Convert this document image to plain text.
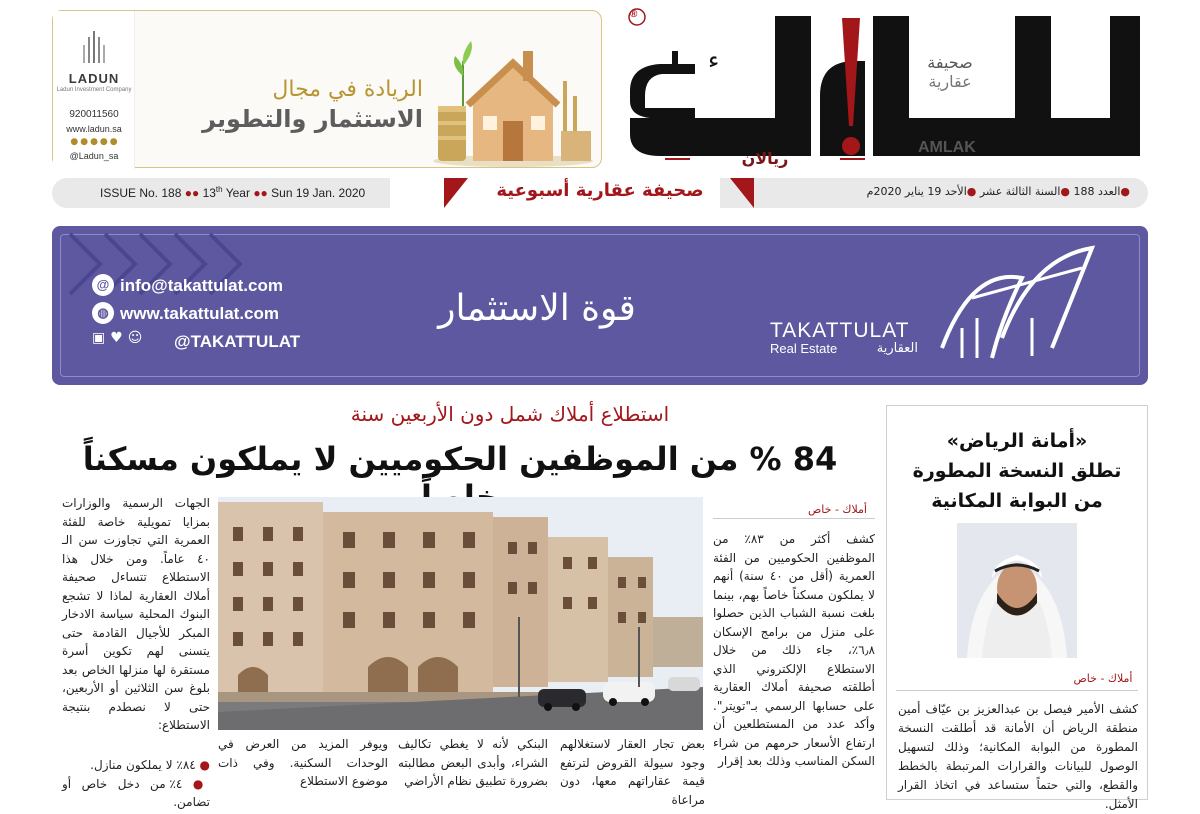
LADUN
Ladun Investment Company
920011560
www.ladun.sa
●●●●●
@Ladun_sa
الريادة في مجال
الاستثمار والتطوير
ء
ء
®
صحيفة
عقارية
AMLAK
ريالان
ISSUE No. 188 ●● 13th Year ●● Sun 19 Jan. 2020	صحيفة عقارية أسبوعية	●العدد 188 ●السنة الثالثة عشر ●الأحد 19 يناير 2020م
@ info@takattulat.com
◍ www.takattulat.com
▣♥☺ @TAKATTULAT
قوة الاستثمار
TAKATTULAT
Real Estate	العقارية
استطلاع أملاك شمل دون الأربعين سنة
84 % من الموظفين الحكوميين لا يملكون مسكناً
أملاك - خاص
كشف أكثر من ٨٣٪ من الموظفين الحكوميين من الفئة العمرية (أقل من ٤٠ سنة) أنهم لا يملكون مسكناً خاصاً بهم، بينما بلغت نسبة الشباب الذين حصلوا على منزل من برامج الإسكان ٦٫٨٪، جاء ذلك من خلال الاستطلاع الإلكتروني الذي أطلقته صحيفة أملاك العقارية على حسابها الرسمي بـ"تويتر". وأكد عدد من المستطلعين أن ارتفاع الأسعار حرمهم من شراء السكن المناسب وذلك بعد إقرار
الجهات الرسمية والوزارات بمزايا تمويلية خاصة للفئة العمرية التي تجاوزت سن الـ ٤٠ عاماً. ومن خلال هذا الاستطلاع تتساءل صحيفة أملاك العقارية لماذا لا تشجع البنوك المحلية سياسة الادخار المبكر للأجيال القادمة حتى يتسنى لهم تكوين أسرة مستقرة لها منزلها الخاص بعد بلوغ سن الثلاثين أو الأربعين، حتى لا نصطدم بنتيجة الاستطلاع:
● ٨٤٪ لا يملكون منازل.
● ٤٪ من دخل خاص أو تضامن.
بعض تجار العقار لاستغلالهم وجود سيولة القروض لترتفع قيمة عقاراتهم معها، دون مراعاة
البنكي لأنه لا يغطي تكاليف الشراء، وأبدى البعض مطالبته بضرورة تطبيق نظام الأراضي
ويوفر المزيد من العرض في الوحدات السكنية. وفي ذات موضوع الاستطلاع
«أمانة الرياض»
تطلق النسخة المطورة
من البوابة المكانية
أملاك - خاص
كشف الأمير فيصل بن عبدالعزيز بن عيّاف أمين منطقة الرياض أن الأمانة قد أطلقت النسخة المطورة من البوابة المكانية؛ وذلك لتسهيل الوصول للبيانات والقرارات المرتبطة بالخطط والقطع، والتي حتماً ستساعد في اتخاذ القرار الأمثل.
